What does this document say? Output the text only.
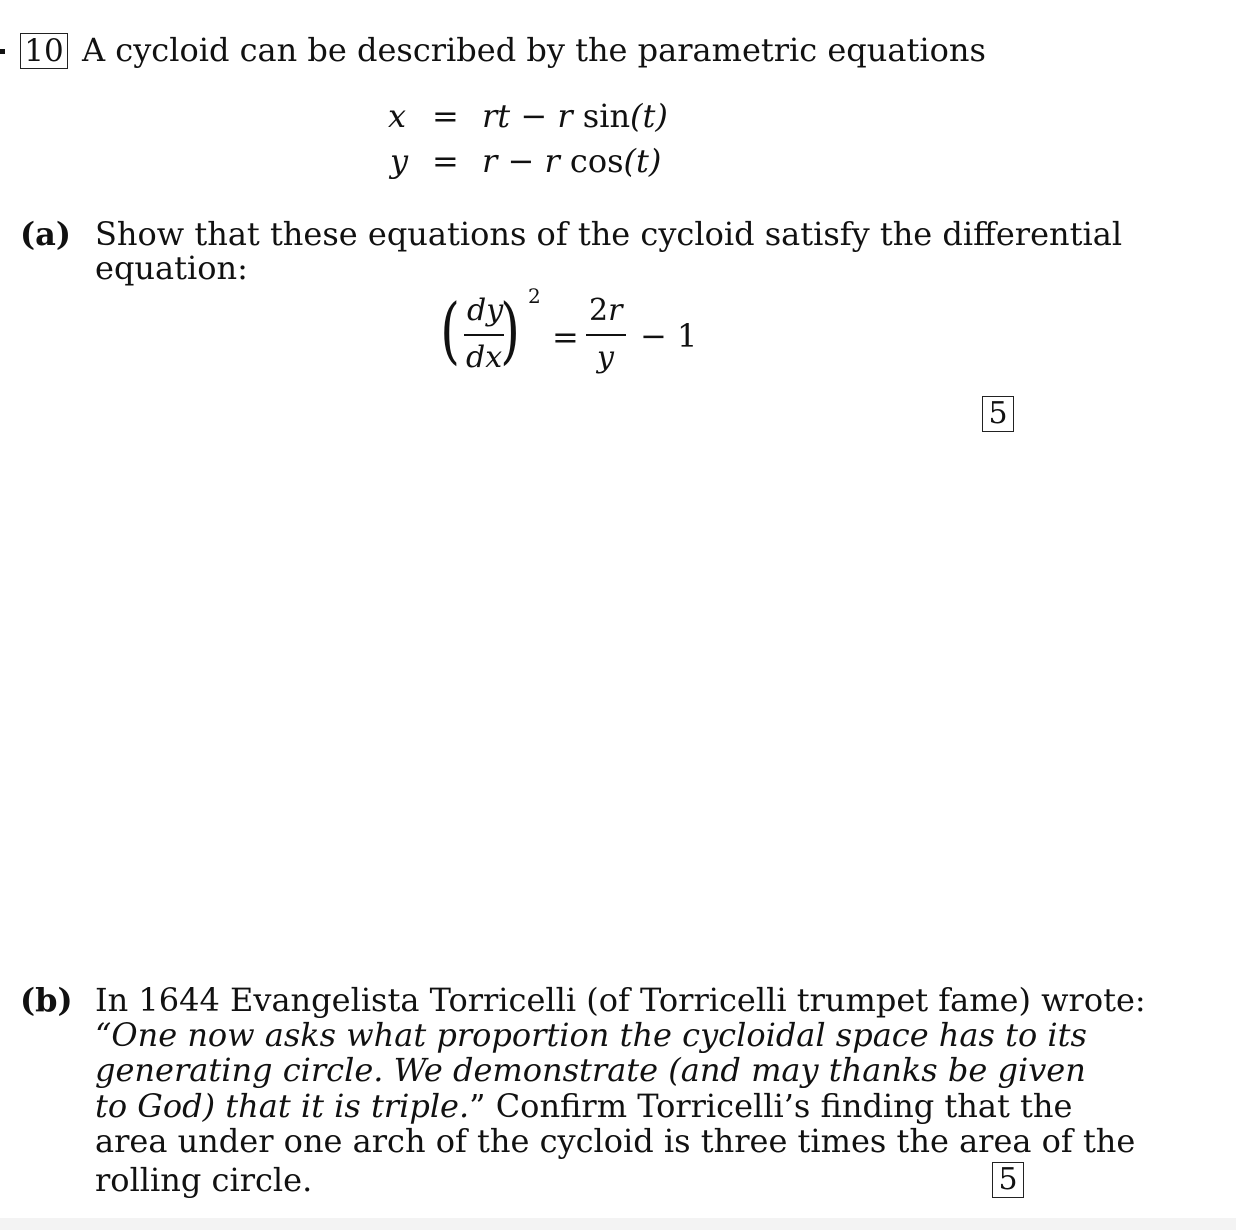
10 A cycloid can be described by the parametric equations
x = rt − r sin(t)
y = r − r cos(t)
(a) Show that these equations of the cycloid satisfy the differential
equation:
( dy
dx
) 2
=
2r
y
− 1
5
(b) In 1644 Evangelista Torricelli (of Torricelli trumpet fame) wrote:
“One now asks what proportion the cycloidal space has to its
generating circle. We demonstrate (and may thanks be given
to God) that it is triple.” Confirm Torricelli’s finding that the
area under one arch of the cycloid is three times the area of the
rolling circle.	5
